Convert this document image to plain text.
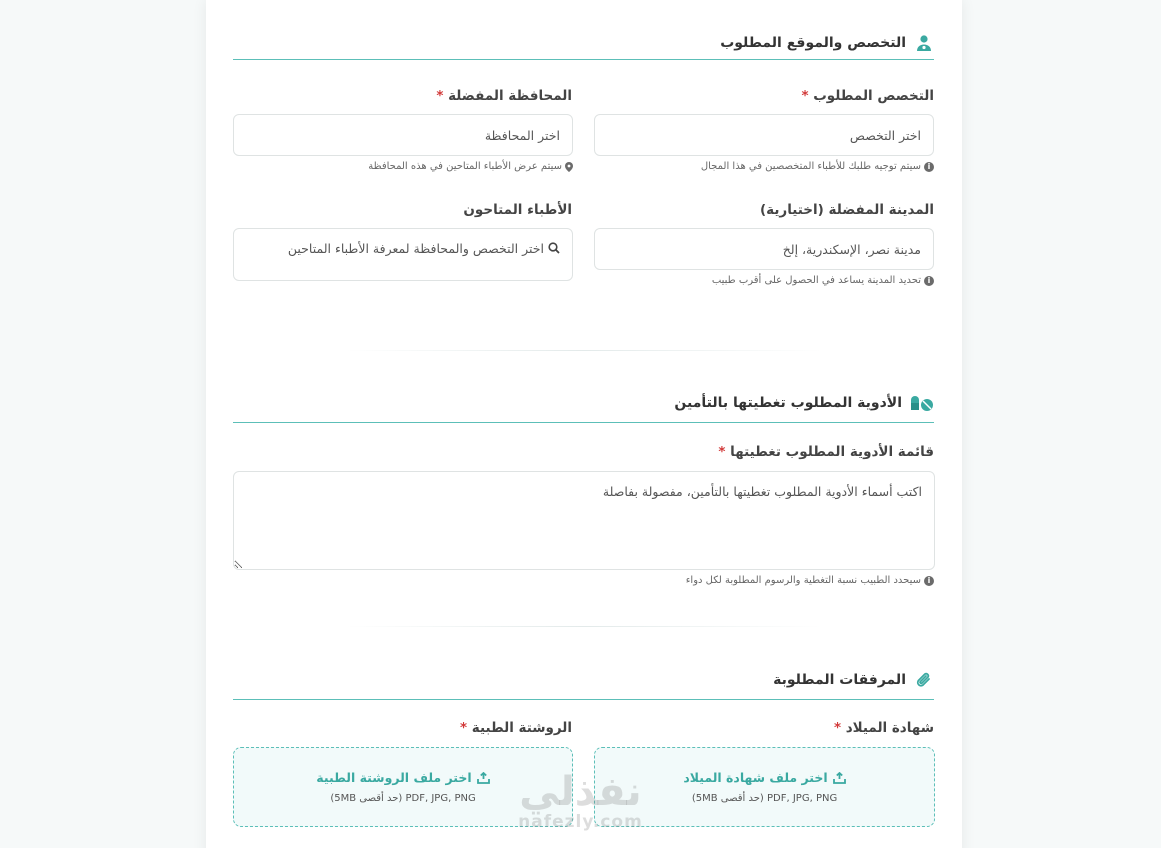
التخصص والموقع المطلوب
التخصص المطلوب *
اختر التخصص
i
سيتم توجيه طلبك للأطباء المتخصصين في هذا المجال
المحافظة المفضلة *
اختر المحافظة
سيتم عرض الأطباء المتاحين في هذه المحافظة
المدينة المفضلة (اختيارية)
مدينة نصر، الإسكندرية، إلخ
i
تحديد المدينة يساعد في الحصول على أقرب طبيب
الأطباء المتاحون
اختر التخصص والمحافظة لمعرفة الأطباء المتاحين
الأدوية المطلوب تغطيتها بالتأمين
قائمة الأدوية المطلوب تغطيتها *
اكتب أسماء الأدوية المطلوب تغطيتها بالتأمين، مفصولة بفاصلة
i
سيحدد الطبيب نسبة التغطية والرسوم المطلوبة لكل دواء
المرفقات المطلوبة
شهادة الميلاد *
اختر ملف شهادة الميلاد
PDF, JPG, PNG (حد أقصى 5MB)
الروشتة الطبية *
اختر ملف الروشتة الطبية
PDF, JPG, PNG (حد أقصى 5MB) نفذلي
nafezly.com
